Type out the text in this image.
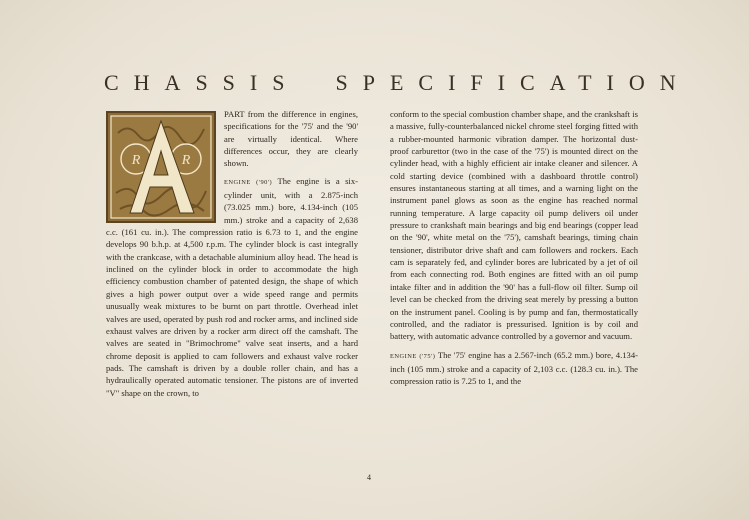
CHASSIS SPECIFICATION
R	R

PART from the difference in engines, specifications for the '75' and the '90' are virtually identical. Where differences occur, they are clearly shown.

ENGINE ('90') The engine is a six-cylinder unit, with a 2.875-inch (73.025 mm.) bore, 4.134-inch (105 mm.) stroke and a capacity of 2,638 c.c. (161 cu. in.). The compression ratio is 6.73 to 1, and the engine develops 90 b.h.p. at 4,500 r.p.m. The cylinder block is cast integrally with the crankcase, with a detachable aluminium alloy head. The head is inclined on the cylinder block in order to accommodate the high efficiency combustion chamber of patented design, the shape of which gives a high power output over a wide speed range and permits unusually weak mixtures to be burnt on part throttle. Overhead inlet valves are used, operated by push rod and rocker arms, and inclined side exhaust valves are driven by a rocker arm direct off the camshaft. The valves are seated in "Brimochrome" valve seat inserts, and a hard chrome deposit is applied to cam followers and exhaust valve rocker pads. The camshaft is driven by a double roller chain, and has a hydraulically operated automatic tensioner. The pistons are of inverted "V" shape on the crown, to

conform to the special combustion chamber shape, and the crankshaft is a massive, fully-counterbalanced nickel chrome steel forging fitted with a rubber-mounted harmonic vibration damper. The horizontal dust-proof carburettor (two in the case of the '75') is mounted direct on the cylinder head, with a highly efficient air intake cleaner and silencer. A cold starting device (combined with a dashboard throttle control) ensures instantaneous starting at all times, and a warning light on the instrument panel glows as soon as the engine has reached normal running temperature. A large capacity oil pump delivers oil under pressure to crankshaft main bearings and big end bearings (copper lead on the '90', white metal on the '75'), camshaft bearings, timing chain tensioner, distributor drive shaft and cam followers and rockers. Each cam is separately fed, and cylinder bores are lubricated by a jet of oil from each connecting rod. Both engines are fitted with an oil pump intake filter and in addition the '90' has a full-flow oil filter. Sump oil level can be checked from the driving seat merely by pressing a button on the instrument panel. Cooling is by pump and fan, thermostatically controlled, and the radiator is pressurised. Ignition is by coil and battery, with automatic advance controlled by a governor and vacuum.

ENGINE ('75') The '75' engine has a 2.567-inch (65.2 mm.) bore, 4.134-inch (105 mm.) stroke and a capacity of 2,103 c.c. (128.3 cu. in.). The compression ratio is 7.25 to 1, and the

4
